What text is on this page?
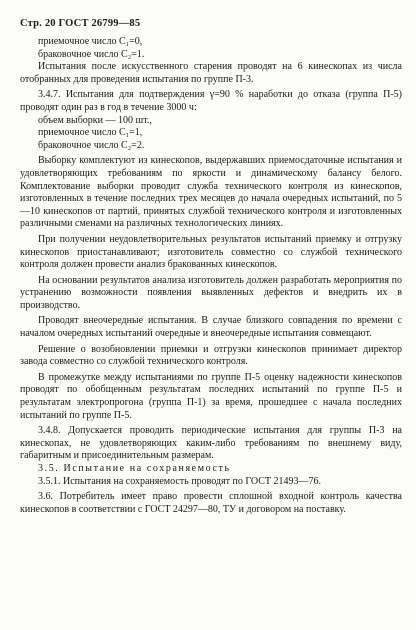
Стр. 20 ГОСТ 26799—85

приемочное число C₁=0,

браковочное число C₂=1.

Испытания после искусственного старения проводят на 6 кинескопах из числа отобранных для проведения испытания по группе П-3.

3.4.7. Испытания для подтверждения γ=90 % наработки до отказа (группа П-5) проводят один раз в год в течение 3000 ч:

объем выборки — 100 шт.,

приемочное число C₁=1,

браковочное число C₂=2.

Выборку комплектуют из кинескопов, выдержавших приемосдаточные испытания и удовлетворяющих требованиям по яркости и динамическому балансу белого. Комплектование выборки проводит служба технического контроля из кинескопов, изготовленных в течение последних трех месяцев до начала очередных испытаний, по 5—10 кинескопов от партий, принятых службой технического контроля и изготовленных различными сменами на различных технологических линиях.

При получении неудовлетворительных результатов испытаний приемку и отгрузку кинескопов приостанавливают; изготовитель совместно со службой технического контроля должен провести анализ бракованных кинескопов.

На основании результатов анализа изготовитель должен разработать мероприятия по устранению возможности появления выявленных дефектов и внедрить их в производство.

Проводят внеочередные испытания. В случае близкого совпадения по времени с началом очередных испытаний очередные и внеочередные испытания совмещают.

Решение о возобновлении приемки и отгрузки кинескопов принимает директор завода совместно со службой технического контроля.

В промежутке между испытаниями по группе П-5 оценку надежности кинескопов проводят по обобщенным результатам последних испытаний по группе П-5 и результатам электропрогона (группа П-1) за время, прошедшее с начала последних испытаний по группе П-5.

3.4.8. Допускается проводить периодические испытания для группы П-3 на кинескопах, не удовлетворяющих каким-либо требованиям по внешнему виду, габаритным и присоединительным размерам.

3.5. Испытание на сохраняемость

3.5.1. Испытания на сохраняемость проводят по ГОСТ 21493—76.

3.6. Потребитель имеет право провести сплошной входной контроль качества кинескопов в соответствии с ГОСТ 24297—80, ТУ и договором на поставку.
